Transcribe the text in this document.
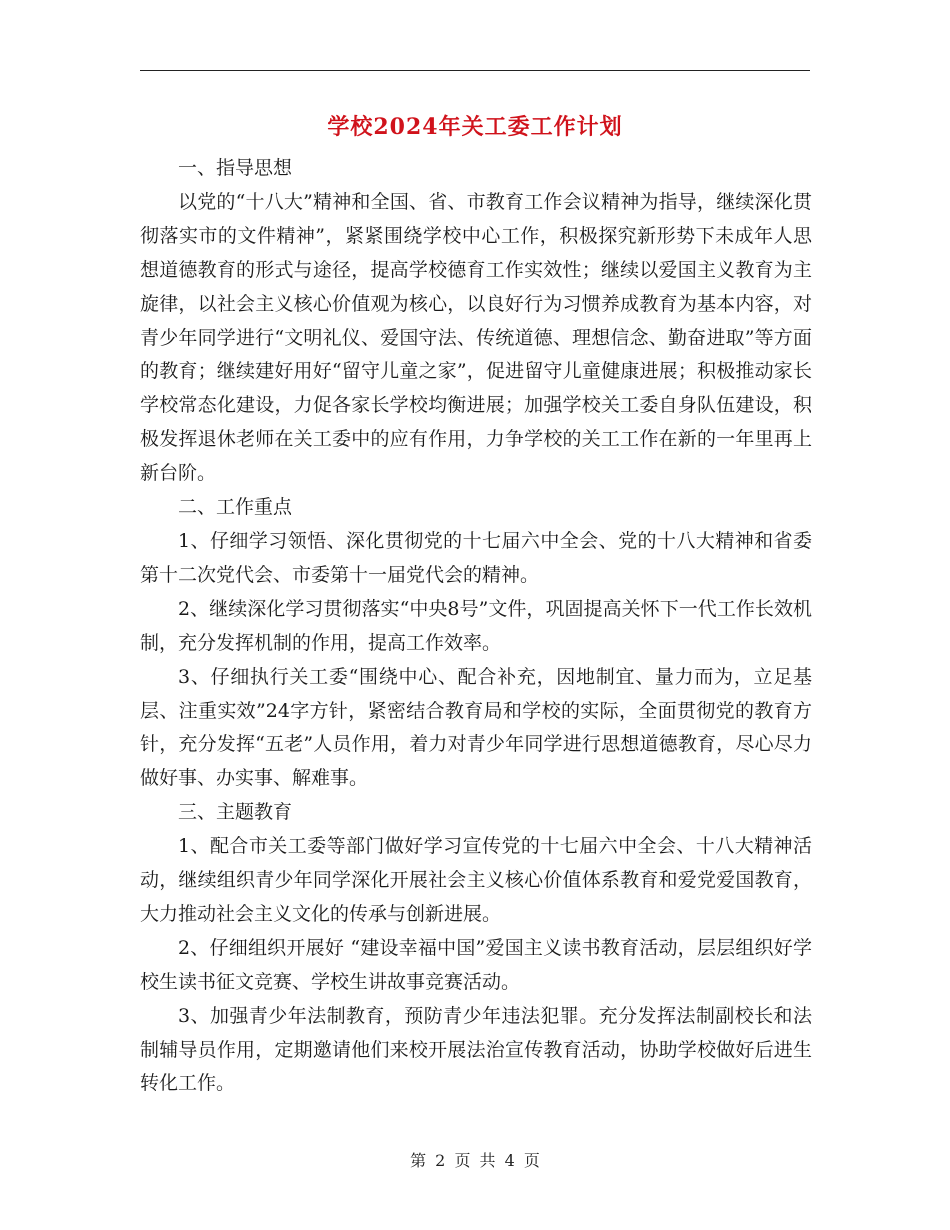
学校2024年关工委工作计划

一、指导思想

以党的“十八大”精神和全国、省、市教育工作会议精神为指导，继续深化贯彻落实市的文件精神”，紧紧围绕学校中心工作，积极探究新形势下未成年人思想道德教育的形式与途径，提高学校德育工作实效性；继续以爱国主义教育为主旋律，以社会主义核心价值观为核心，以良好行为习惯养成教育为基本内容，对青少年同学进行“文明礼仪、爱国守法、传统道德、理想信念、勤奋进取”等方面的教育；继续建好用好“留守儿童之家”，促进留守儿童健康进展；积极推动家长学校常态化建设，力促各家长学校均衡进展；加强学校关工委自身队伍建设，积极发挥退休老师在关工委中的应有作用，力争学校的关工工作在新的一年里再上新台阶。

二、工作重点

1、仔细学习领悟、深化贯彻党的十七届六中全会、党的十八大精神和省委第十二次党代会、市委第十一届党代会的精神。

2、继续深化学习贯彻落实“中央8号”文件，巩固提高关怀下一代工作长效机制，充分发挥机制的作用，提高工作效率。

3、仔细执行关工委“围绕中心、配合补充，因地制宜、量力而为，立足基层、注重实效”24字方针，紧密结合教育局和学校的实际，全面贯彻党的教育方针，充分发挥“五老”人员作用，着力对青少年同学进行思想道德教育，尽心尽力做好事、办实事、解难事。

三、主题教育

1、配合市关工委等部门做好学习宣传党的十七届六中全会、十八大精神活动，继续组织青少年同学深化开展社会主义核心价值体系教育和爱党爱国教育，大力推动社会主义文化的传承与创新进展。

2、仔细组织开展好 “建设幸福中国”爱国主义读书教育活动，层层组织好学校生读书征文竞赛、学校生讲故事竞赛活动。

3、加强青少年法制教育，预防青少年违法犯罪。充分发挥法制副校长和法制辅导员作用，定期邀请他们来校开展法治宣传教育活动，协助学校做好后进生转化工作。

第 2 页 共 4 页
